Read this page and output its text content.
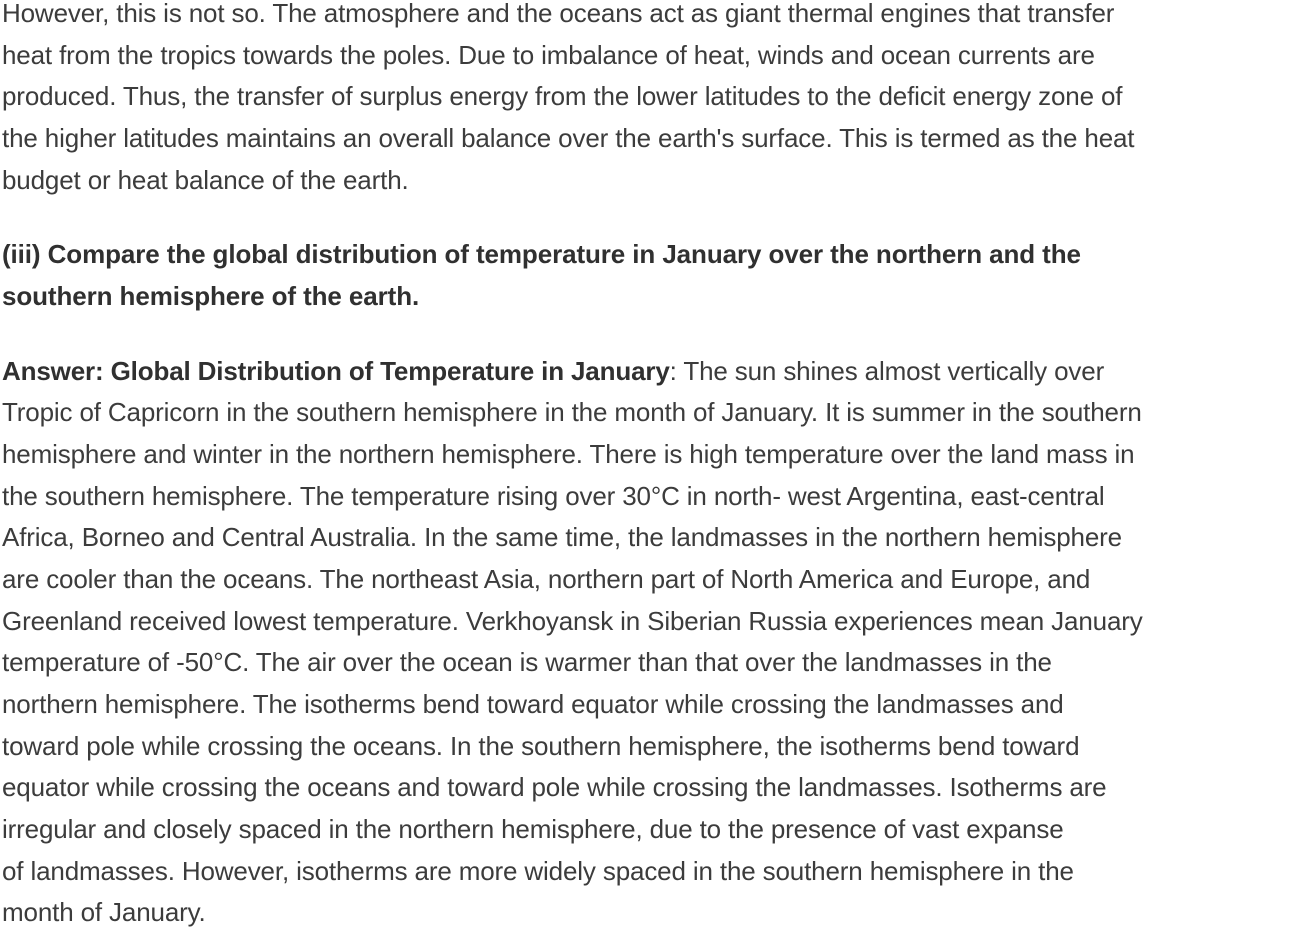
However, this is not so. The atmosphere and the oceans act as giant thermal engines that transfer
heat from the tropics towards the poles. Due to imbalance of heat, winds and ocean currents are
produced. Thus, the transfer of surplus energy from the lower latitudes to the deficit energy zone of
the higher latitudes maintains an overall balance over the earth's surface. This is termed as the heat
budget or heat balance of the earth.
(iii) Compare the global distribution of temperature in January over the northern and the
southern hemisphere of the earth.
Answer: Global Distribution of Temperature in January: The sun shines almost vertically over
Tropic of Capricorn in the southern hemisphere in the month of January. It is summer in the southern
hemisphere and winter in the northern hemisphere. There is high temperature over the land mass in
the southern hemisphere. The temperature rising over 30°C in north- west Argentina, east-central
Africa, Borneo and Central Australia. In the same time, the landmasses in the northern hemisphere
are cooler than the oceans. The northeast Asia, northern part of North America and Europe, and
Greenland received lowest temperature. Verkhoyansk in Siberian Russia experiences mean January
temperature of -50°C. The air over the ocean is warmer than that over the landmasses in the
northern hemisphere. The isotherms bend toward equator while crossing the landmasses and
toward pole while crossing the oceans. In the southern hemisphere, the isotherms bend toward
equator while crossing the oceans and toward pole while crossing the landmasses. Isotherms are
irregular and closely spaced in the northern hemisphere, due to the presence of vast expanse
of landmasses. However, isotherms are more widely spaced in the southern hemisphere in the
month of January.
